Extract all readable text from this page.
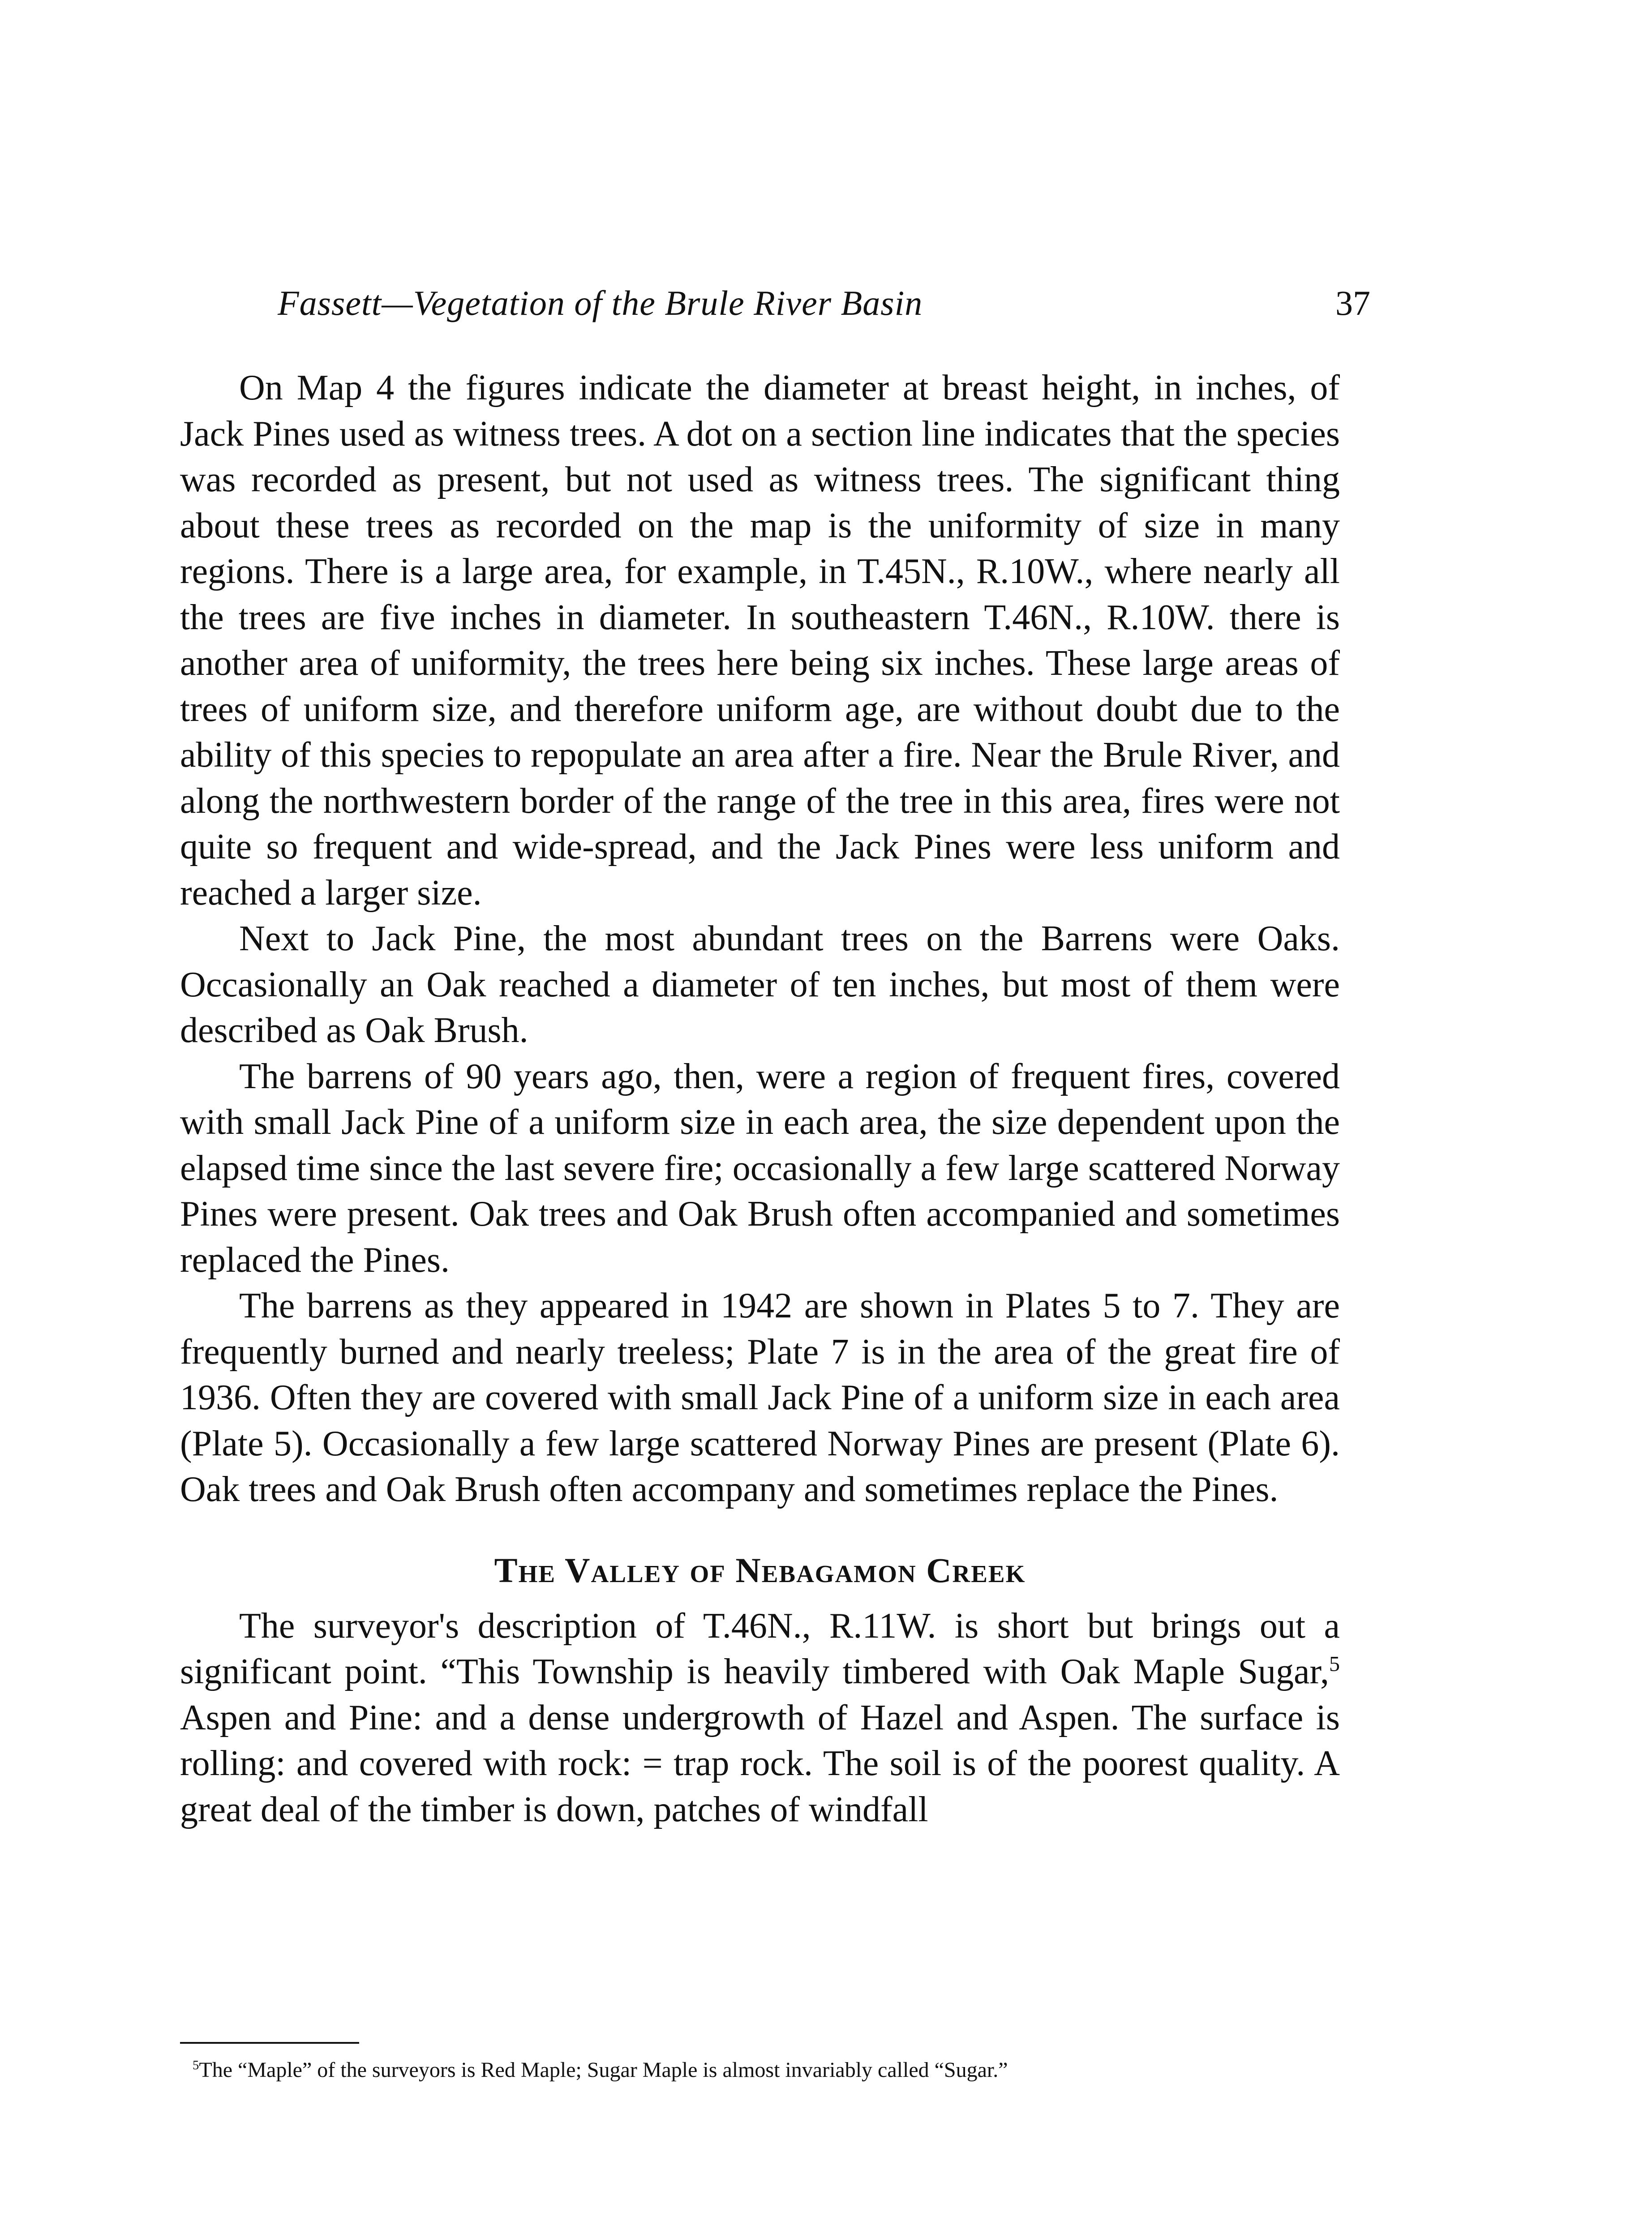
Fassett—Vegetation of the Brule River Basin	37

On Map 4 the figures indicate the diameter at breast height, in inches, of Jack Pines used as witness trees. A dot on a section line indicates that the species was recorded as present, but not used as witness trees. The significant thing about these trees as recorded on the map is the uniformity of size in many regions. There is a large area, for example, in T.45N., R.10W., where nearly all the trees are five inches in diameter. In southeastern T.46N., R.10W. there is another area of uniformity, the trees here being six inches. These large areas of trees of uniform size, and therefore uniform age, are without doubt due to the ability of this species to repopulate an area after a fire. Near the Brule River, and along the northwestern border of the range of the tree in this area, fires were not quite so frequent and wide-spread, and the Jack Pines were less uniform and reached a larger size.

Next to Jack Pine, the most abundant trees on the Barrens were Oaks. Occasionally an Oak reached a diameter of ten inches, but most of them were described as Oak Brush.

The barrens of 90 years ago, then, were a region of frequent fires, covered with small Jack Pine of a uniform size in each area, the size dependent upon the elapsed time since the last severe fire; occasionally a few large scattered Norway Pines were present. Oak trees and Oak Brush often accompanied and sometimes replaced the Pines.

The barrens as they appeared in 1942 are shown in Plates 5 to 7. They are frequently burned and nearly treeless; Plate 7 is in the area of the great fire of 1936. Often they are covered with small Jack Pine of a uniform size in each area (Plate 5). Occasionally a few large scattered Norway Pines are present (Plate 6). Oak trees and Oak Brush often accompany and sometimes replace the Pines.

The Valley of Nebagamon Creek

The surveyor's description of T.46N., R.11W. is short but brings out a significant point. “This Township is heavily timbered with Oak Maple Sugar,$^5$ Aspen and Pine: and a dense undergrowth of Hazel and Aspen. The surface is rolling: and covered with rock: = trap rock. The soil is of the poorest quality. A great deal of the timber is down, patches of windfall

$^5$The “Maple” of the surveyors is Red Maple; Sugar Maple is almost invariably called “Sugar.”
